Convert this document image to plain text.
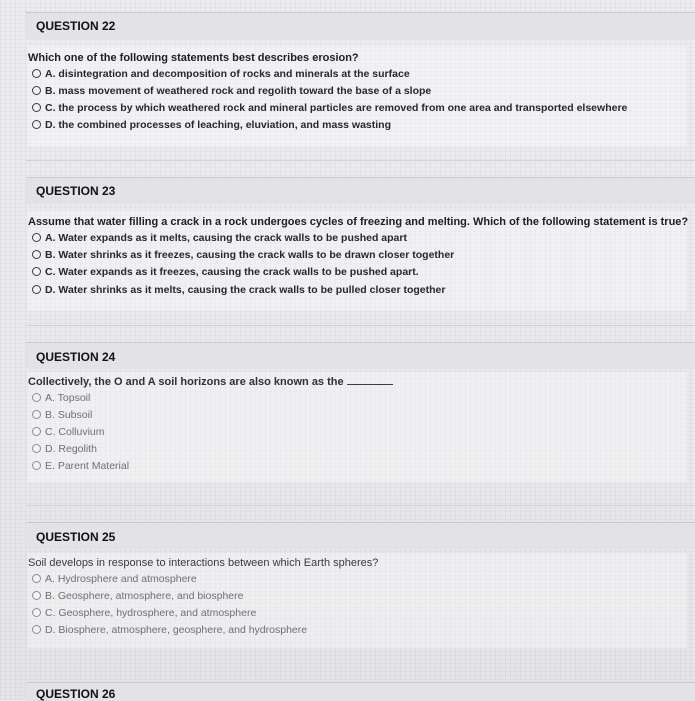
QUESTION 22
Which one of the following statements best describes erosion?
A. disintegration and decomposition of rocks and minerals at the surface
B. mass movement of weathered rock and regolith toward the base of a slope
C. the process by which weathered rock and mineral particles are removed from one area and transported elsewhere
D. the combined processes of leaching, eluviation, and mass wasting
QUESTION 23
Assume that water filling a crack in a rock undergoes cycles of freezing and melting. Which of the following statement is true?
A. Water expands as it melts, causing the crack walls to be pushed apart
B. Water shrinks as it freezes, causing the crack walls to be drawn closer together
C. Water expands as it freezes, causing the crack walls to be pushed apart.
D. Water shrinks as it melts, causing the crack walls to be pulled closer together
QUESTION 24
Collectively, the O and A soil horizons are also known as the
A. Topsoil
B. Subsoil
C. Colluvium
D. Regolith
E. Parent Material
QUESTION 25
Soil develops in response to interactions between which Earth spheres?
A. Hydrosphere and atmosphere
B. Geosphere, atmosphere, and biosphere
C. Geosphere, hydrosphere, and atmosphere
D. Biosphere, atmosphere, geosphere, and hydrosphere
QUESTION 26
